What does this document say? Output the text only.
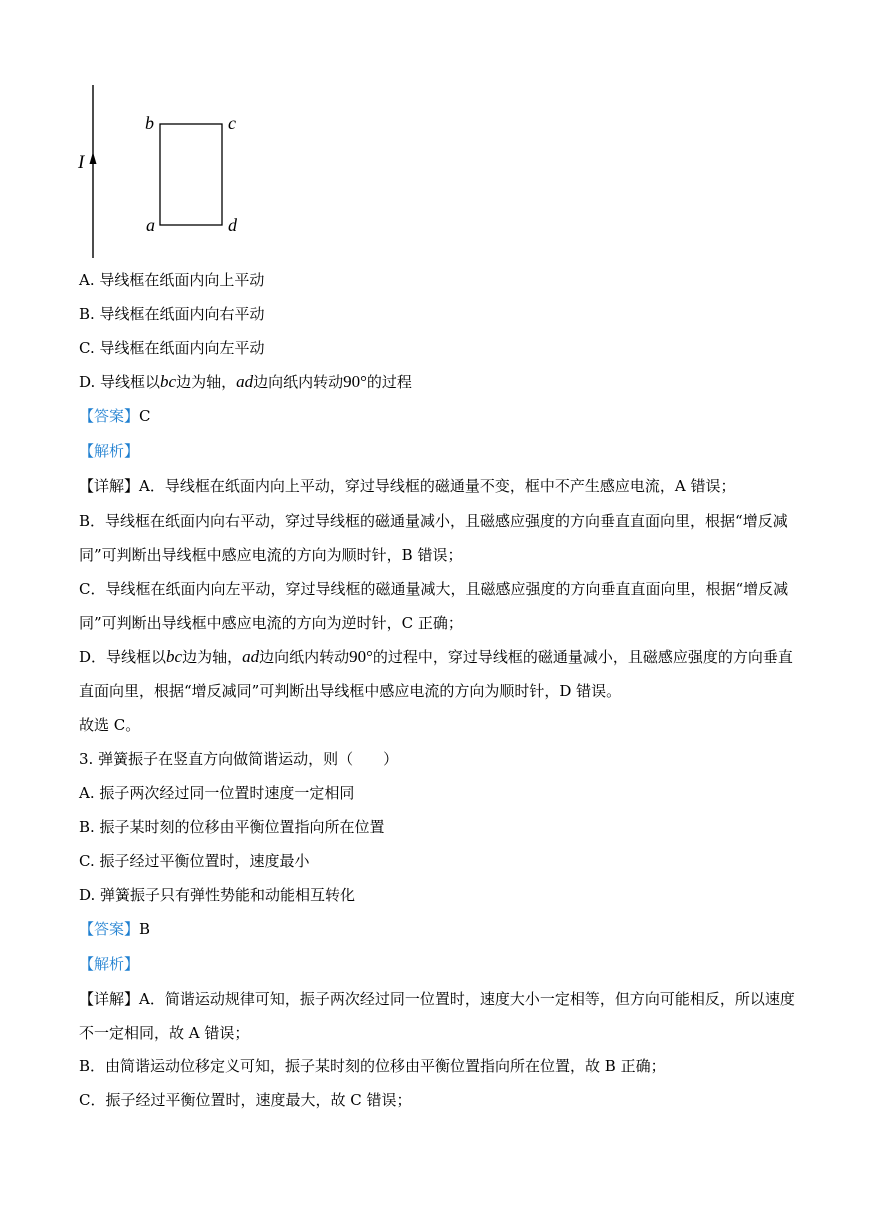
I
b	c
a	d
A. 导线框在纸面内向上平动
B. 导线框在纸面内向右平动
C. 导线框在纸面内向左平动
D. 导线框以bc边为轴，ad边向纸内转动90°的过程
【答案】C
【解析】
【详解】A．导线框在纸面内向上平动，穿过导线框的磁通量不变，框中不产生感应电流，A 错误；
B．导线框在纸面内向右平动，穿过导线框的磁通量减小，且磁感应强度的方向垂直直面向里，根据“增反减同”可判断出导线框中感应电流的方向为顺时针，B 错误；
C．导线框在纸面内向左平动，穿过导线框的磁通量减大，且磁感应强度的方向垂直直面向里，根据“增反减同”可判断出导线框中感应电流的方向为逆时针，C 正确；
D．导线框以bc边为轴，ad边向纸内转动90°的过程中，穿过导线框的磁通量减小，且磁感应强度的方向垂直直面向里，根据“增反减同”可判断出导线框中感应电流的方向为顺时针，D 错误。
故选 C。
3. 弹簧振子在竖直方向做简谐运动，则（　　）
A. 振子两次经过同一位置时速度一定相同
B. 振子某时刻的位移由平衡位置指向所在位置
C. 振子经过平衡位置时，速度最小
D. 弹簧振子只有弹性势能和动能相互转化
【答案】B
【解析】
【详解】A．简谐运动规律可知，振子两次经过同一位置时，速度大小一定相等，但方向可能相反，所以速度不一定相同，故 A 错误；
B．由简谐运动位移定义可知，振子某时刻的位移由平衡位置指向所在位置，故 B 正确；
C．振子经过平衡位置时，速度最大，故 C 错误；
